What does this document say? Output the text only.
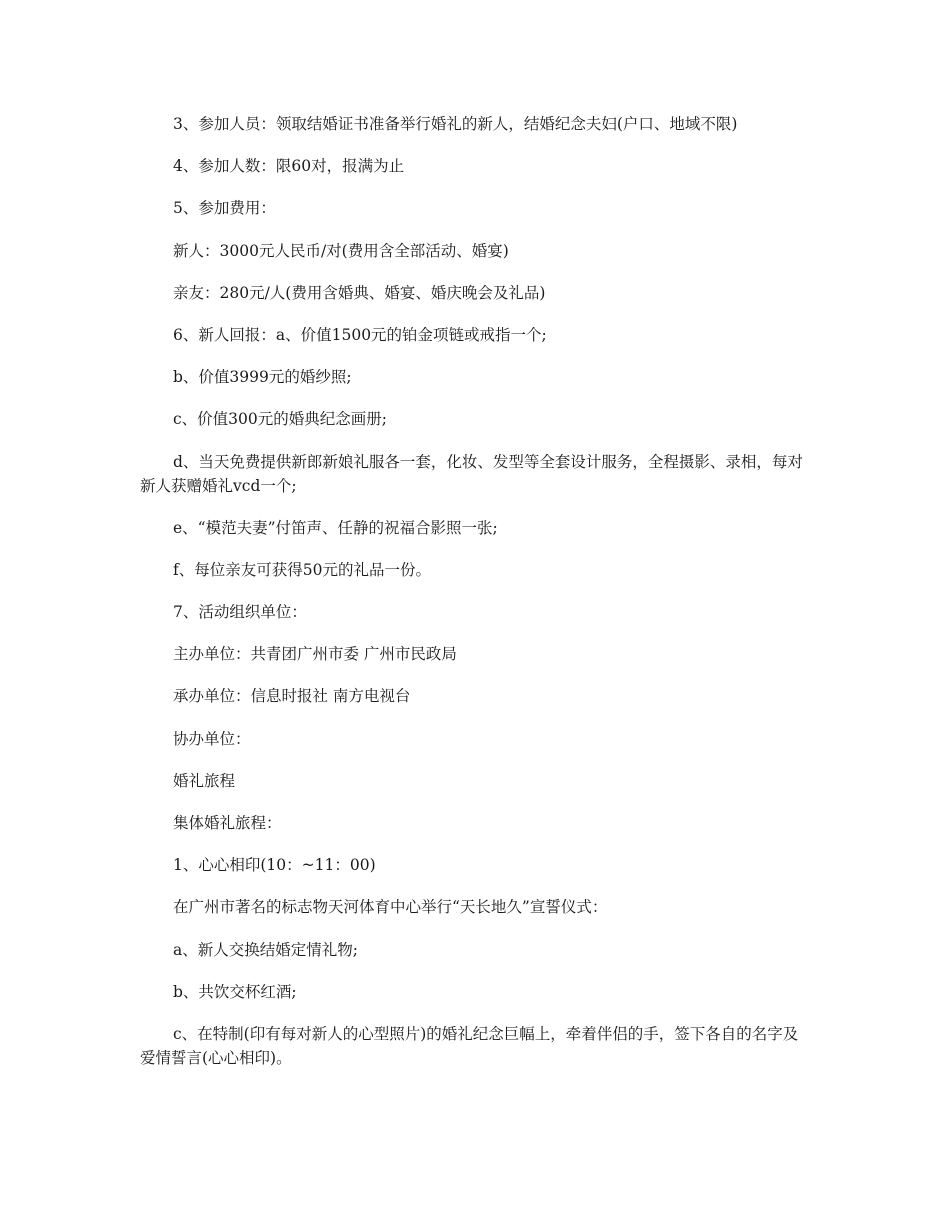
3、参加人员：领取结婚证书准备举行婚礼的新人，结婚纪念夫妇(户口、地域不限)

4、参加人数：限60对，报满为止

5、参加费用：

新人：3000元人民币/对(费用含全部活动、婚宴)

亲友：280元/人(费用含婚典、婚宴、婚庆晚会及礼品)

6、新人回报：a、价值1500元的铂金项链或戒指一个;

b、价值3999元的婚纱照;

c、价值300元的婚典纪念画册;

d、当天免费提供新郎新娘礼服各一套，化妆、发型等全套设计服务，全程摄影、录相，每对新人获赠婚礼vcd一个;

e、“模范夫妻”付笛声、任静的祝福合影照一张;

f、每位亲友可获得50元的礼品一份。

7、活动组织单位：

主办单位：共青团广州市委 广州市民政局

承办单位：信息时报社 南方电视台

协办单位：

婚礼旅程

集体婚礼旅程：

1、心心相印(10：~11：00)

在广州市著名的标志物天河体育中心举行“天长地久”宣誓仪式：

a、新人交换结婚定情礼物;

b、共饮交杯红酒;

c、在特制(印有每对新人的心型照片)的婚礼纪念巨幅上，牵着伴侣的手，签下各自的名字及爱情誓言(心心相印)。
